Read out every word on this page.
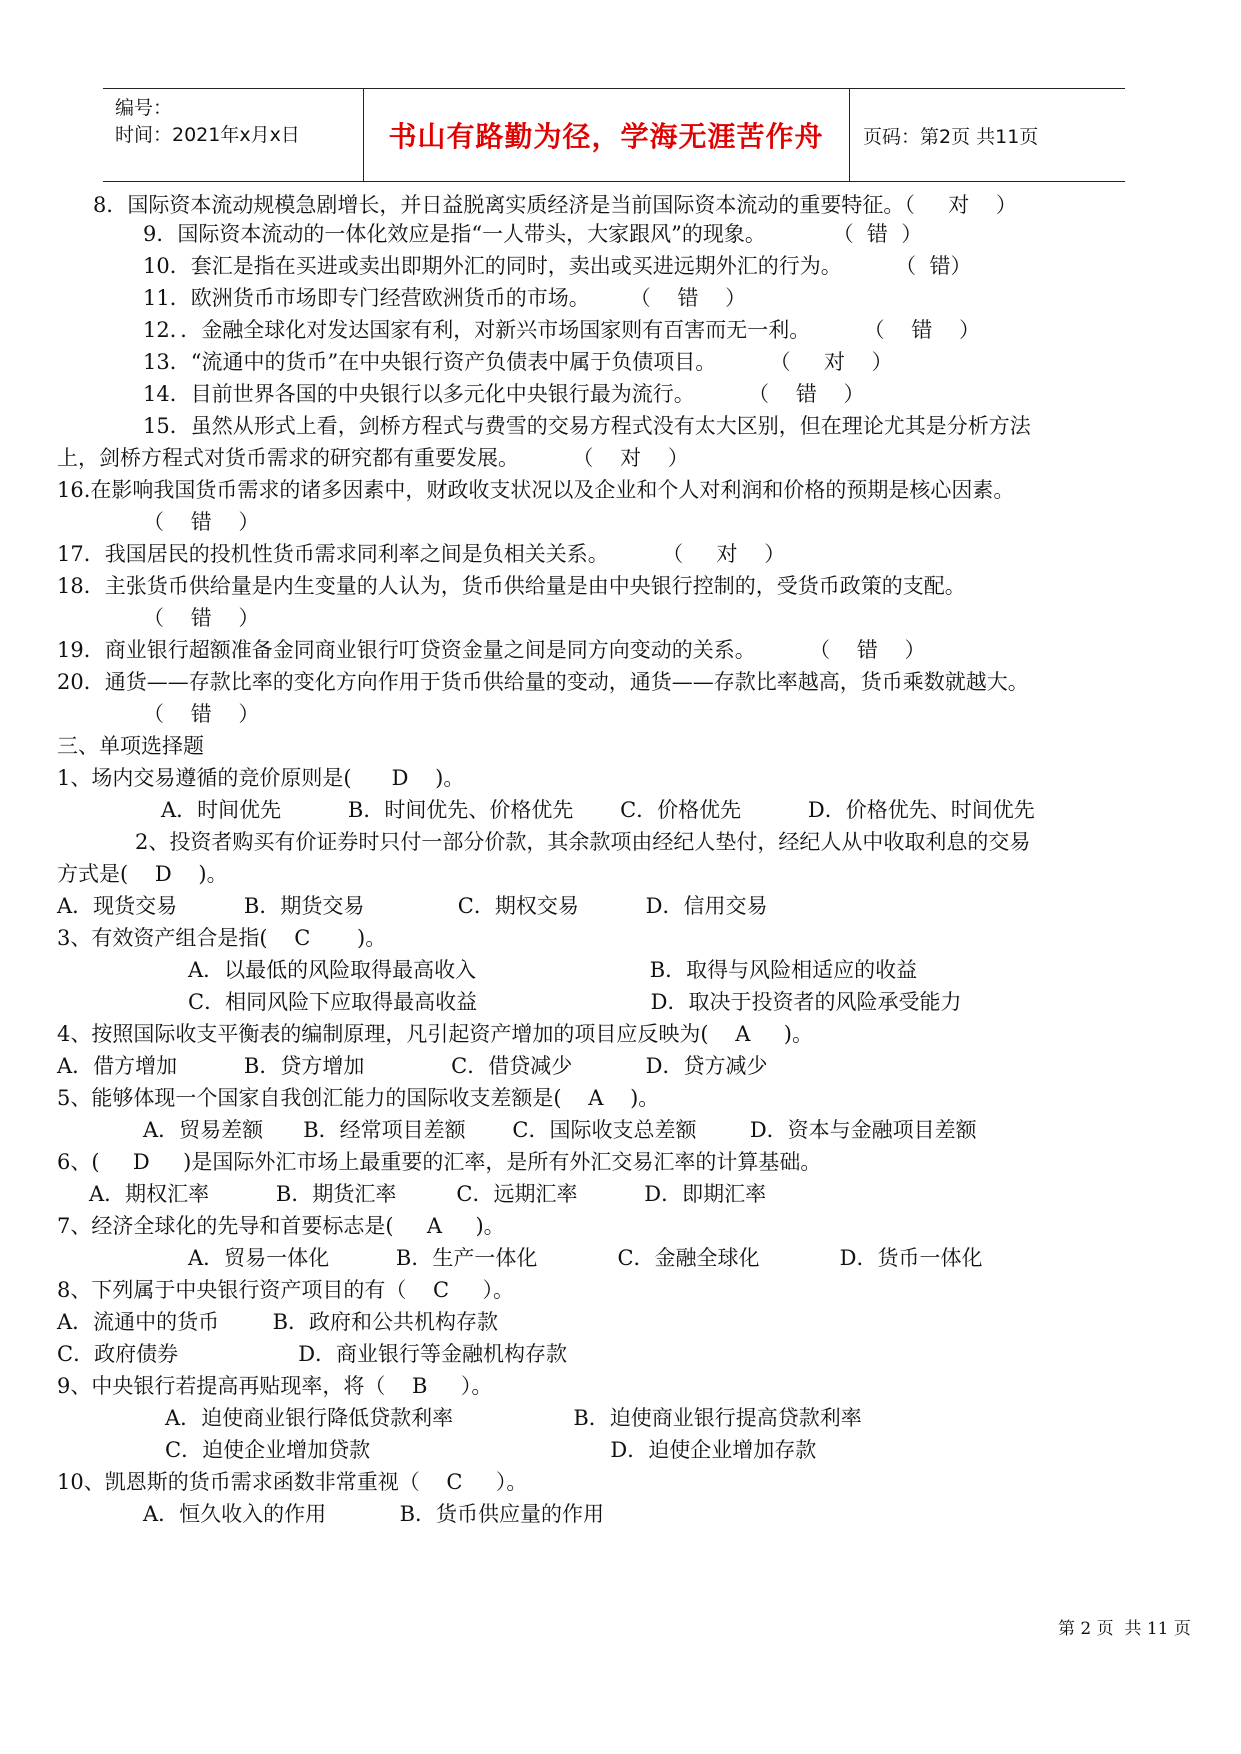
编号：
时间：2021年x月x日	书山有路勤为径，学海无涯苦作舟 页码：第2页 共11页
8．国际资本流动规模急剧增长，并日益脱离实质经济是当前国际资本流动的重要特征。（     对    ）
9．国际资本流动的一体化效应是指“一人带头，大家跟风”的现象。          （  错  ）
10．套汇是指在买进或卖出即期外汇的同时，卖出或买进远期外汇的行为。        （  错）
11．欧洲货币市场即专门经营欧洲货币的市场。      （    错    ）
12．．金融全球化对发达国家有利，对新兴市场国家则有百害而无一利。        （    错    ）
13．“流通中的货币”在中央银行资产负债表中属于负债项目。        （     对    ）
14．目前世界各国的中央银行以多元化中央银行最为流行。        （    错    ）
15．虽然从形式上看，剑桥方程式与费雪的交易方程式没有太大区别，但在理论尤其是分析方法
上，剑桥方程式对货币需求的研究都有重要发展。        （    对    ）
16.在影响我国货币需求的诸多因素中，财政收支状况以及企业和个人对利润和价格的预期是核心因素。
（    错    ）
17．我国居民的投机性货币需求同利率之间是负相关关系。        （     对    ）
18．主张货币供给量是内生变量的人认为，货币供给量是由中央银行控制的，受货币政策的支配。
（    错    ）
19．商业银行超额准备金同商业银行叮贷资金量之间是同方向变动的关系。        （    错    ）
20．通货——存款比率的变化方向作用于货币供给量的变动，通货——存款比率越高，货币乘数就越大。
（    错    ）
三、单项选择题
1、场内交易遵循的竞价原则是(      D    )。
A．时间优先          B．时间优先、价格优先       C．价格优先          D．价格优先、时间优先
2、投资者购买有价证券时只付一部分价款，其余款项由经纪人垫付，经纪人从中收取利息的交易
方式是(    D    )。
A．现货交易          B．期货交易              C．期权交易          D．信用交易
3、有效资产组合是指(    C       )。
A．以最低的风险取得最高收入                          B．取得与风险相适应的收益
C．相同风险下应取得最高收益                          D．取决于投资者的风险承受能力
4、按照国际收支平衡表的编制原理，凡引起资产增加的项目应反映为(    A     )。
A．借方增加          B．贷方增加             C．借贷减少           D．贷方减少
5、能够体现一个国家自我创汇能力的国际收支差额是(    A    )。
A．贸易差额      B．经常项目差额       C．国际收支总差额        D．资本与金融项目差额
6、(     D     )是国际外汇市场上最重要的汇率，是所有外汇交易汇率的计算基础。
A．期权汇率          B．期货汇率         C．远期汇率          D．即期汇率
7、经济全球化的先导和首要标志是(     A     )。
A．贸易一体化          B．生产一体化            C．金融全球化            D．货币一体化
8、下列属于中央银行资产项目的有（    C     ）。
A．流通中的货币        B．政府和公共机构存款
C．政府债券                  D．商业银行等金融机构存款
9、中央银行若提高再贴现率，将（    B     ）。
A．迫使商业银行降低贷款利率                  B．迫使商业银行提高贷款利率
C．迫使企业增加贷款                                    D．迫使企业增加存款
10、凯恩斯的货币需求函数非常重视（    C     ）。
A．恒久收入的作用           B．货币供应量的作用
第 2 页  共 11 页
